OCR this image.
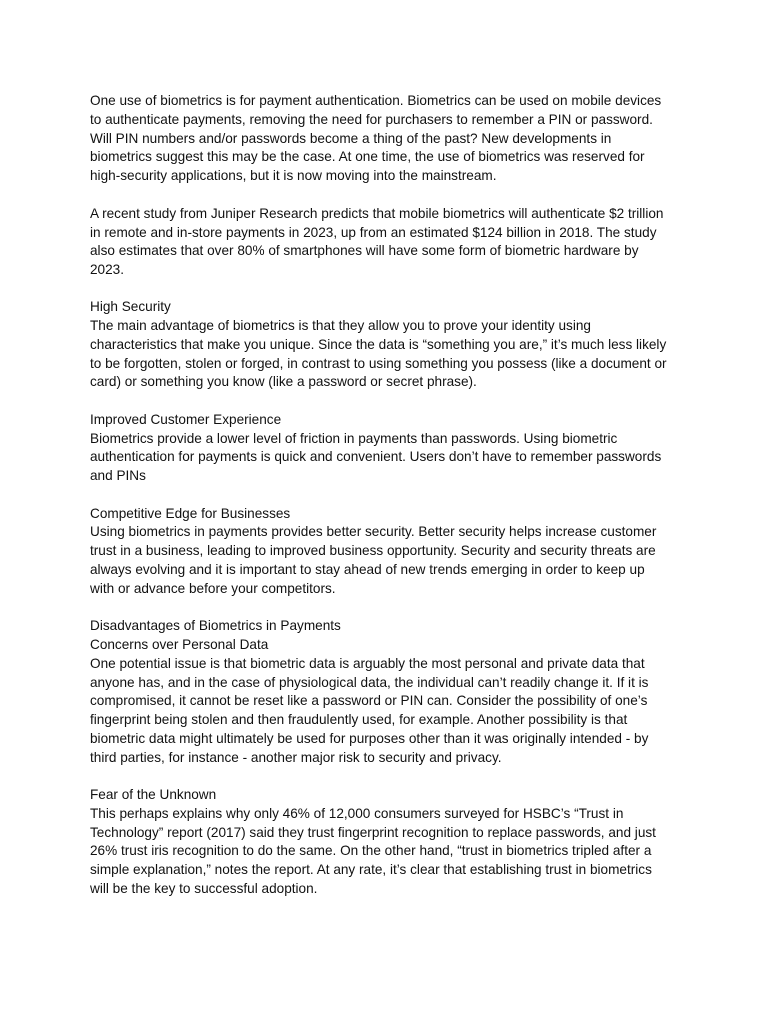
One use of biometrics is for payment authentication. Biometrics can be used on mobile devices
to authenticate payments, removing the need for purchasers to remember a PIN or password.
Will PIN numbers and/or passwords become a thing of the past? New developments in
biometrics suggest this may be the case. At one time, the use of biometrics was reserved for
high-security applications, but it is now moving into the mainstream.
A recent study from Juniper Research predicts that mobile biometrics will authenticate $2 trillion
in remote and in-store payments in 2023, up from an estimated $124 billion in 2018. The study
also estimates that over 80% of smartphones will have some form of biometric hardware by
2023.
High Security
The main advantage of biometrics is that they allow you to prove your identity using
characteristics that make you unique. Since the data is “something you are,” it’s much less likely
to be forgotten, stolen or forged, in contrast to using something you possess (like a document or
card) or something you know (like a password or secret phrase).
Improved Customer Experience
Biometrics provide a lower level of friction in payments than passwords. Using biometric
authentication for payments is quick and convenient. Users don’t have to remember passwords
and PINs
Competitive Edge for Businesses
Using biometrics in payments provides better security. Better security helps increase customer
trust in a business, leading to improved business opportunity. Security and security threats are
always evolving and it is important to stay ahead of new trends emerging in order to keep up
with or advance before your competitors.
Disadvantages of Biometrics in Payments
Concerns over Personal Data
One potential issue is that biometric data is arguably the most personal and private data that
anyone has, and in the case of physiological data, the individual can’t readily change it. If it is
compromised, it cannot be reset like a password or PIN can. Consider the possibility of one’s
fingerprint being stolen and then fraudulently used, for example. Another possibility is that
biometric data might ultimately be used for purposes other than it was originally intended - by
third parties, for instance - another major risk to security and privacy.
Fear of the Unknown
This perhaps explains why only 46% of 12,000 consumers surveyed for HSBC’s “Trust in
Technology” report (2017) said they trust fingerprint recognition to replace passwords, and just
26% trust iris recognition to do the same. On the other hand, “trust in biometrics tripled after a
simple explanation,” notes the report. At any rate, it’s clear that establishing trust in biometrics
will be the key to successful adoption.
